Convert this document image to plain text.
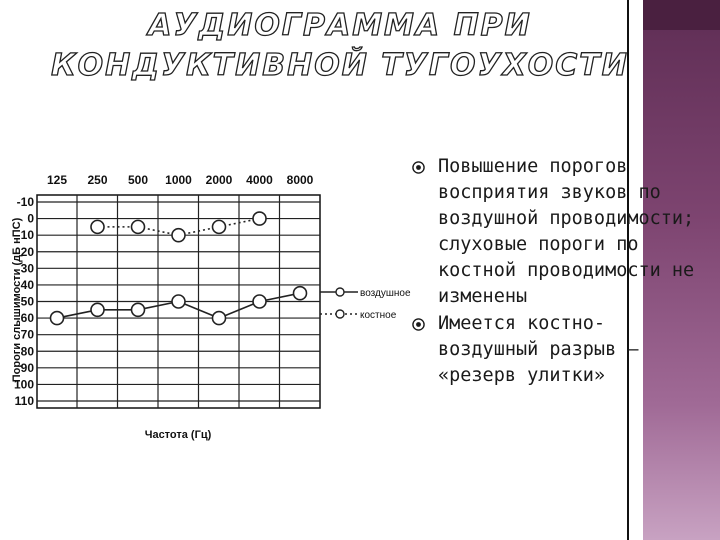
АУДИОГРАММА ПРИ
КОНДУКТИВНОЙ ТУГОУХОСТИ
125 250 500 1000 2000 4000 8000
-10
0
10
20
30
40
50
60
70
80
90
100
110
Частота (Гц)
Пороги слышимости (дБ нПС)	воздушное
костное
Повышение порогов восприятия звуков по воздушной проводимости; слуховые пороги по костной проводимости не изменены
Имеется костно-воздушный разрыв — «резерв улитки»
